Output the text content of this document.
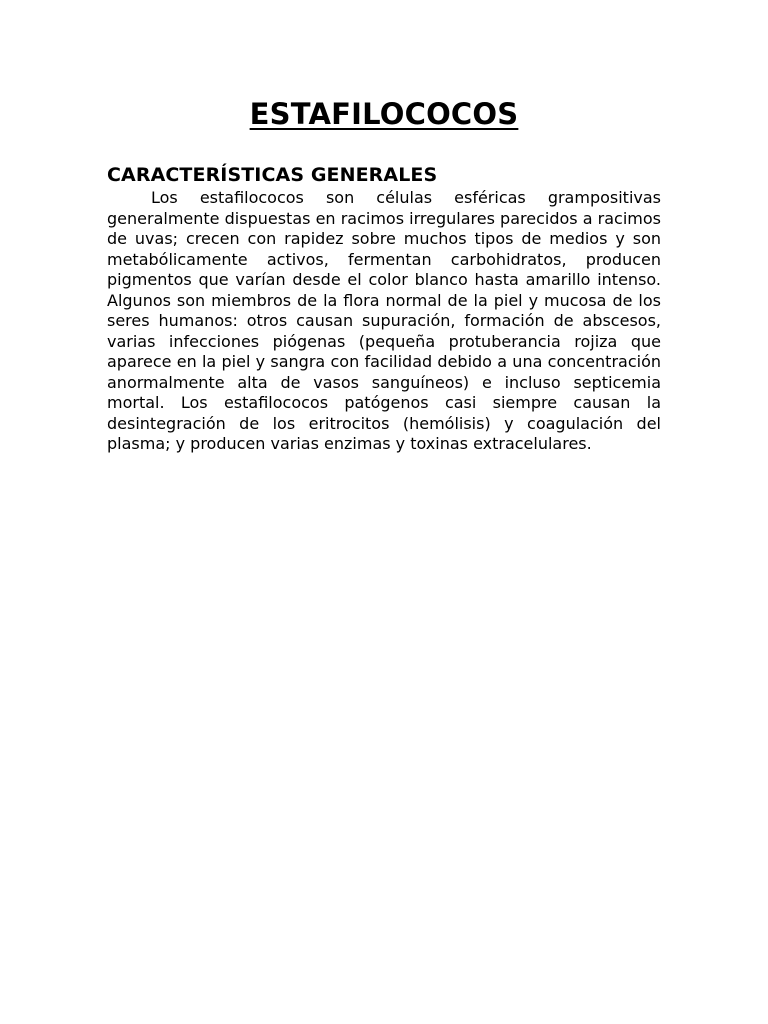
ESTAFILOCOCOS
CARACTERÍSTICAS GENERALES

Los estafilococos son células esféricas grampositivas generalmente dispuestas en racimos irregulares parecidos a racimos de uvas; crecen con rapidez sobre muchos tipos de medios y son metabólicamente activos, fermentan carbohidratos, producen pigmentos que varían desde el color blanco hasta amarillo intenso. Algunos son miembros de la flora normal de la piel y mucosa de los seres humanos: otros causan supuración, formación de abscesos, varias infecciones piógenas (pequeña protuberancia rojiza que aparece en la piel y sangra con facilidad debido a una concentración anormalmente alta de vasos sanguíneos) e incluso septicemia mortal. Los estafilococos patógenos casi siempre causan la desintegración de los eritrocitos (hemólisis) y coagulación del plasma; y producen varias enzimas y toxinas extracelulares.
